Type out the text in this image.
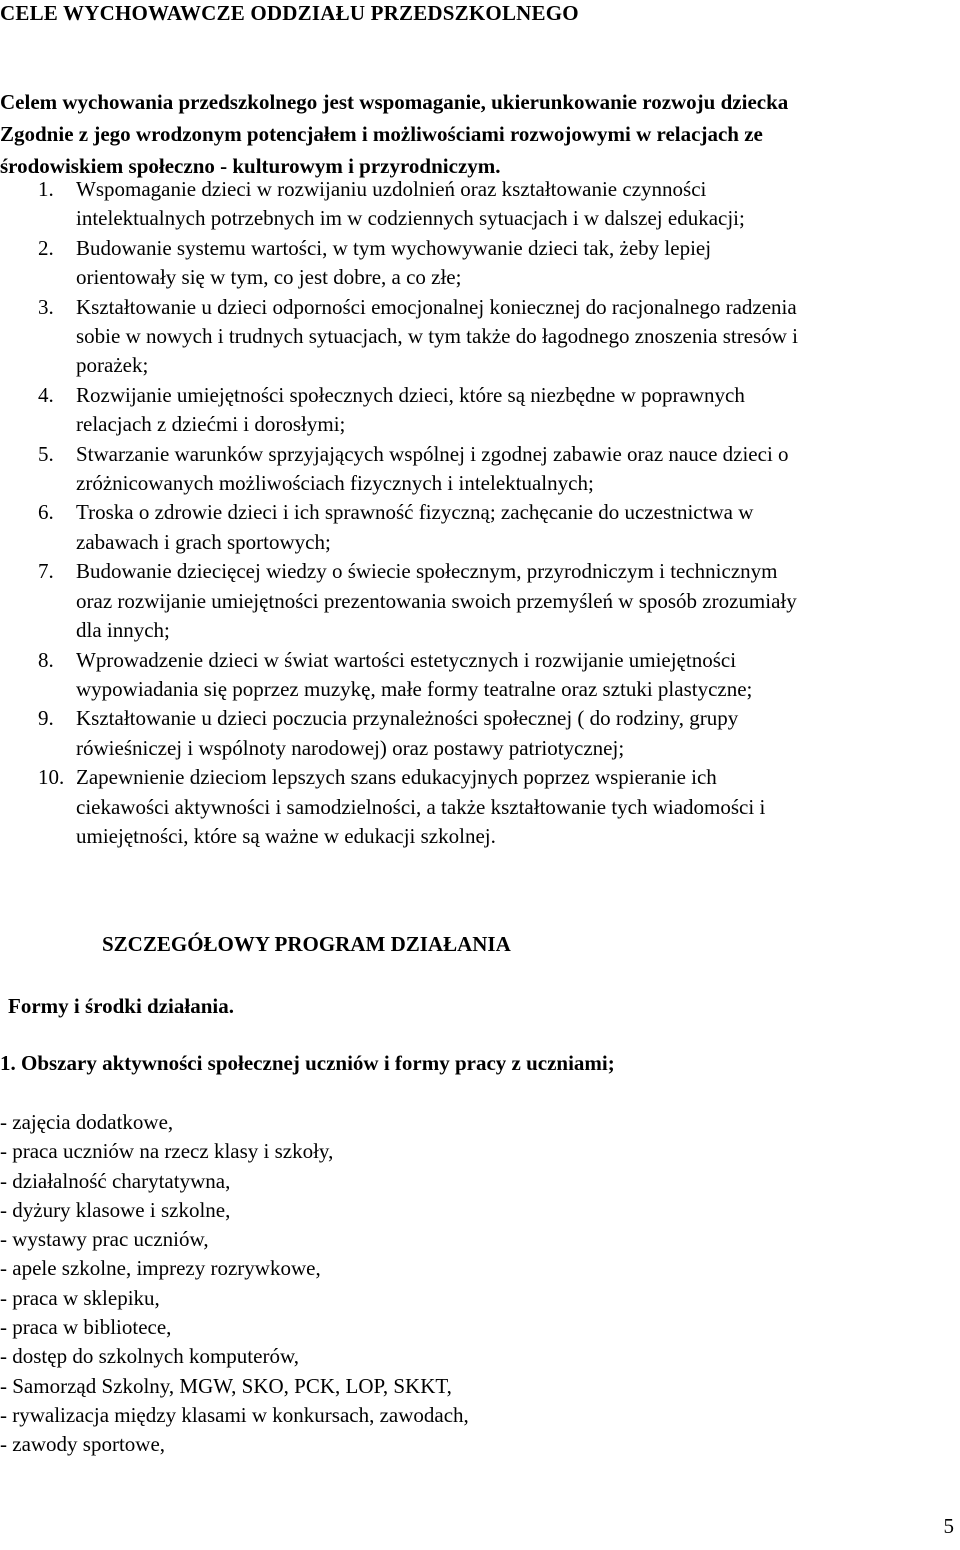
CELE WYCHOWAWCZE ODDZIAŁU PRZEDSZKOLNEGO
Celem wychowania przedszkolnego jest wspomaganie, ukierunkowanie rozwoju dziecka
Zgodnie z jego wrodzonym potencjałem i możliwościami rozwojowymi w relacjach ze
środowiskiem społeczno - kulturowym i przyrodniczym.
1. Wspomaganie dzieci w rozwijaniu uzdolnień oraz kształtowanie czynności
intelektualnych potrzebnych im w codziennych sytuacjach i w dalszej edukacji;
2. Budowanie systemu wartości, w tym wychowywanie dzieci tak, żeby lepiej
orientowały się w tym, co jest dobre, a co złe;
3. Kształtowanie u dzieci odporności emocjonalnej koniecznej do racjonalnego radzenia
sobie w nowych i trudnych sytuacjach, w tym także do łagodnego znoszenia stresów i
porażek;
4. Rozwijanie umiejętności społecznych dzieci, które są niezbędne w poprawnych
relacjach z dziećmi i dorosłymi;
5. Stwarzanie warunków sprzyjających wspólnej i zgodnej zabawie oraz nauce dzieci o
zróżnicowanych możliwościach fizycznych i intelektualnych;
6. Troska o zdrowie dzieci i ich sprawność fizyczną; zachęcanie do uczestnictwa w
zabawach i grach sportowych;
7. Budowanie dziecięcej wiedzy o świecie społecznym, przyrodniczym i technicznym
oraz rozwijanie umiejętności prezentowania swoich przemyśleń w sposób zrozumiały
dla innych;
8. Wprowadzenie dzieci w świat wartości estetycznych i rozwijanie umiejętności
wypowiadania się poprzez muzykę, małe formy teatralne oraz sztuki plastyczne;
9. Kształtowanie u dzieci poczucia przynależności społecznej ( do rodziny, grupy
rówieśniczej i wspólnoty narodowej) oraz postawy patriotycznej;
10. Zapewnienie dzieciom lepszych szans edukacyjnych poprzez wspieranie ich
ciekawości aktywności i samodzielności, a także kształtowanie tych wiadomości i
umiejętności, które są ważne w edukacji szkolnej.
SZCZEGÓŁOWY PROGRAM DZIAŁANIA
Formy i środki działania.
1. Obszary aktywności społecznej uczniów i formy pracy z uczniami;
- zajęcia dodatkowe,
- praca uczniów na rzecz klasy i szkoły,
- działalność charytatywna,
- dyżury klasowe i szkolne,
- wystawy prac uczniów,
- apele szkolne, imprezy rozrywkowe,
- praca w sklepiku,
- praca w bibliotece,
- dostęp do szkolnych komputerów,
- Samorząd Szkolny, MGW, SKO, PCK, LOP, SKKT,
- rywalizacja między klasami w konkursach, zawodach,
- zawody sportowe,
5
